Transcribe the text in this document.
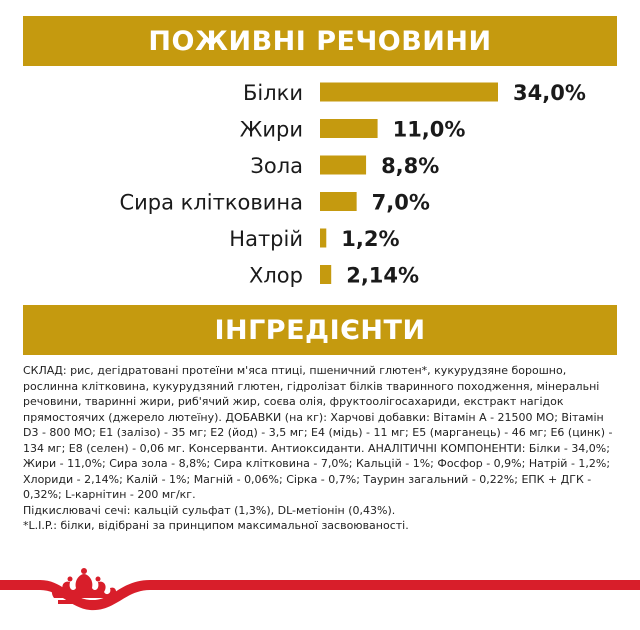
ПОЖИВНІ РЕЧОВИНИ
Білки	34,0%
Жири	11,0%
Зола	8,8%
Сира клітковина	7,0%
Натрій 1,2%
Хлор 2,14%
ІНГРЕДІЄНТИ

СКЛАД: рис, дегідратовані протеїни м'яса птиці, пшеничний глютен*, кукурудзяне борошно, рослинна клітковина, кукурудзяний глютен, гідролізат білків тваринного походження, мінеральні речовини, тваринні жири, риб'ячий жир, соєва олія, фруктоолігосахариди, екстракт нагідок прямостоячих (джерело лютеїну). ДОБАВКИ (на кг): Харчові добавки: Вітамін A - 21500 МО; Вітамін D3 - 800 МО; E1 (залізо) - 35 мг; E2 (йод) - 3,5 мг; E4 (мідь) - 11 мг; E5 (марганець) - 46 мг; E6 (цинк) - 134 мг; E8 (селен) - 0,06 мг. Консерванти. Антиоксиданти. АНАЛІТИЧНІ КОМПОНЕНТИ: Білки - 34,0%; Жири - 11,0%; Сира зола - 8,8%; Сира клітковина - 7,0%; Кальцій - 1%; Фосфор - 0,9%; Натрій - 1,2%; Хлориди - 2,14%; Калій - 1%; Магній - 0,06%; Сірка - 0,7%; Таурин загальний - 0,22%; ЕПК + ДГК - 0,32%; L-карнітин - 200 мг/кг.

Підкислювачі сечі: кальцій сульфат (1,3%), DL-метіонін (0,43%).

*L.I.P.: білки, відібрані за принципом максимальної засвоюваності.
